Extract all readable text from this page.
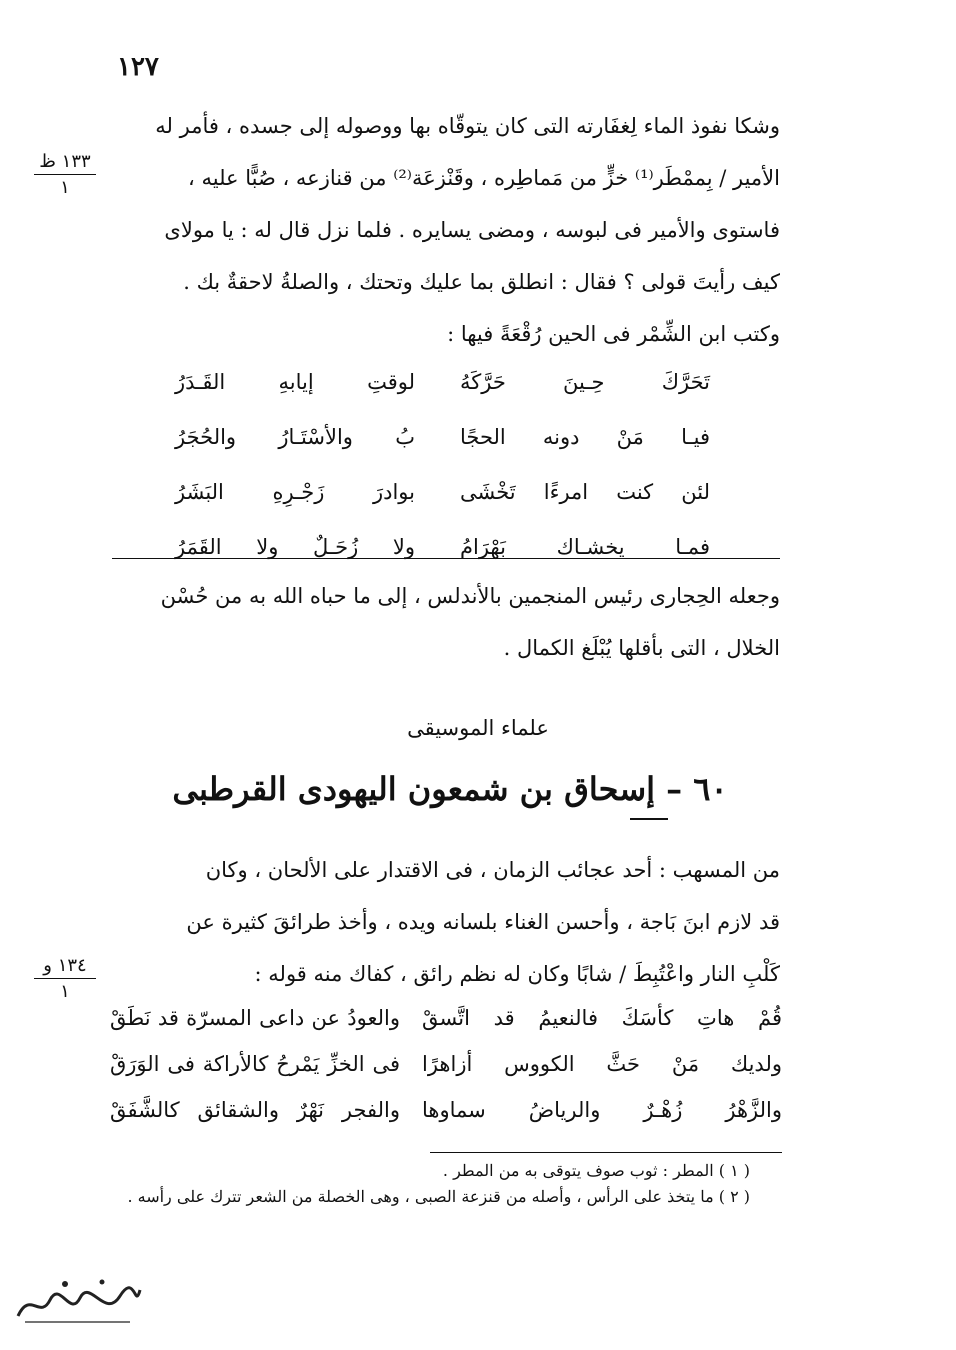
١٢٧
١٣٣ ظ
١

وشكا نفوذ الماء لِغفَارته التى كان يتوقّاه بها ووصوله إلى جسده ، فأمر له

الأمير / بِممْطَر⁽¹⁾ خزٍّ من مَماطِره ، وقَنْزعَة⁽²⁾ من قنازعه ، صُبًّا عليه ،

فاستوى والأمير فى لبوسه ، ومضى يسايره . فلما نزل قال له : يا مولاى

كيف رأيتَ قولى ؟ فقال : انطلق بما عليك وتحتك ، والصلةُ لاحقةٌ بك .

وكتب ابن الشِّمْر فى الحين رُقْعَةً فيها :

تَحَرَّكَ حِـينَ حَرَّكَهُ
لوقتِ إيابهِ القَـدَرُ
فيـا مَنْ دونه الحجًا
بُ والأسْتَـارُ والحُجَرُ
لئن كنت امرءًا تَخْشَى
بوادرَ زَجْـرِهِ البَشَرُ
فمـا يخشـاك بَهْرَامُ
ولا زُحَـلٌ ولا القَمَرُ

وجعله الحِجارى رئيس المنجمين بالأندلس ، إلى ما حباه الله به من حُسْن

الخلال ، التى بأقلها يُبْلَغ الكمال .

علماء الموسيقى
٦٠ – إسحاق بن شمعون اليهودى القرطبى
١٣٤ و
١

من المسهب : أحد عجائب الزمان ، فى الاقتدار على الألحان ، وكان

قد لازم ابنَ بَاجة ، وأحسن الغناء بلسانه ويده ، وأخذ طرائقَ كثيرة عن

كَلْبِ النار واعْتُبِطَ / شابًا وكان له نظم رائق ، كفاك منه قوله :

قُمْ هاتِ كأسَكَ فالنعيمُ قد اتَّسقْ
والعودُ عن داعى المسرّة قد نَطَقْ
ولديك مَنْ حَثَّ الكووس أزاهرًا
فى الخزِّ يَمْرحُ كالأراكة فى الوَرَقْ
والزَّهْرُ زُهْـرٌ والرياضُ سماوها
والفجر نَهْرٌ والشقائق كالشَّفَقْ
( ١ ) المطر : ثوب صوف يتوقى به من المطر .
( ٢ ) ما يتخذ على الرأس ، وأصله من قنزعة الصبى ، وهى الخصلة من الشعر تترك على رأسه .
